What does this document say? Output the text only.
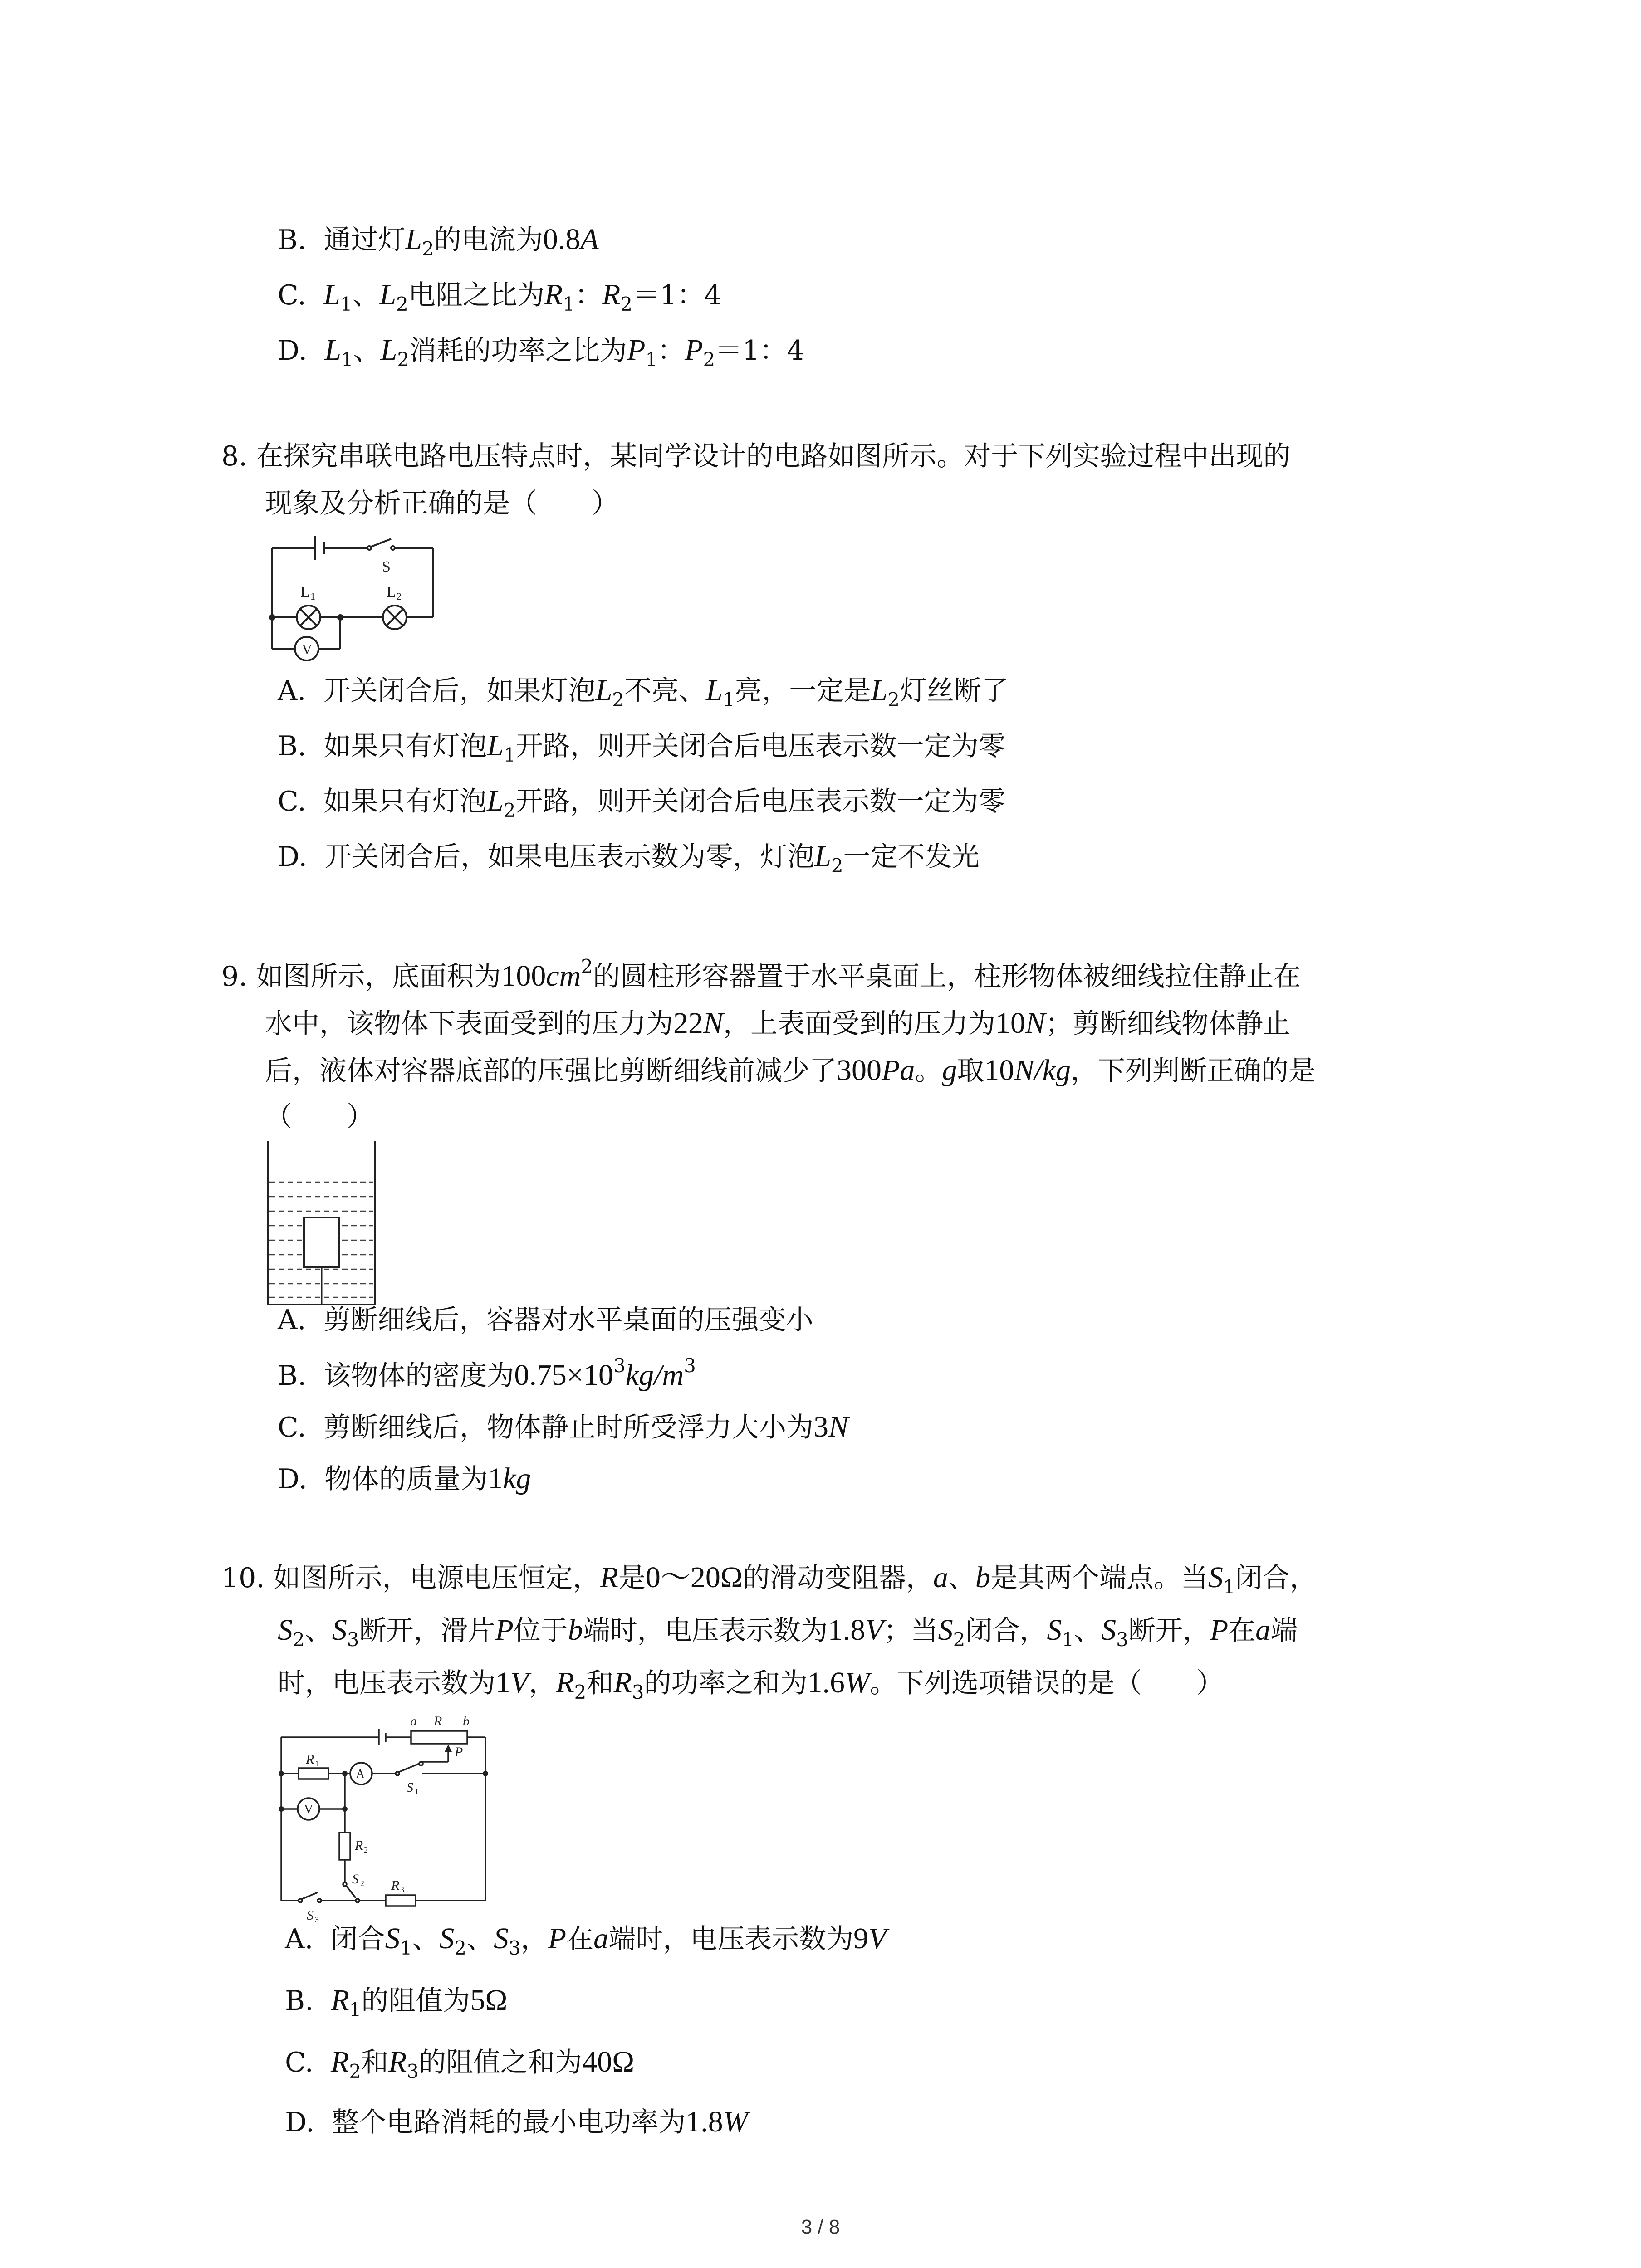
B. 通过灯$L_2$的电流为0.8A
C. $L_1$、$L_2$电阻之比为$R_1$：$R_2=1$：4
D. $L_1$、$L_2$消耗的功率之比为$P_1$：$P_2=1$：4
8. 在探究串联电路电压特点时，某同学设计的电路如图所示。对于下列实验过程中出现的
现象及分析正确的是（　　）
S
L 1	L 2
V
A. 开关闭合后，如果灯泡$L_2$不亮、$L_1$亮，一定是$L_2$灯丝断了
B. 如果只有灯泡$L_1$开路，则开关闭合后电压表示数一定为零
C. 如果只有灯泡$L_2$开路，则开关闭合后电压表示数一定为零
D. 开关闭合后，如果电压表示数为零，灯泡$L_2$一定不发光
9. 如图所示，底面积为$100cm^2$的圆柱形容器置于水平桌面上，柱形物体被细线拉住静止在
水中，该物体下表面受到的压力为22N，上表面受到的压力为10N；剪断细线物体静止
后，液体对容器底部的压强比剪断细线前减少了300Pa。g取10N/kg，下列判断正确的是
（　　）
A. 剪断细线后，容器对水平桌面的压强变小
B. 该物体的密度为$0.75\times 10^3kg/m^3$
C. 剪断细线后，物体静止时所受浮力大小为3N
D. 物体的质量为1kg
10. 如图所示，电源电压恒定，R是0～20Ω的滑动变阻器，a、b是其两个端点。当$S_1$闭合，
$S_2$、$S_3$断开，滑片P位于b端时，电压表示数为1.8V；当$S_2$闭合，$S_1$、$S_3$断开，P在a端
时，电压表示数为1V，$R_2$和$R_3$的功率之和为1.6W。下列选项错误的是（　　）
a R b
P
R 1
A
S 1
V
R 2
S 2 R 3
S 3
A. 闭合$S_1$、$S_2$、$S_3$，P在a端时，电压表示数为9V
B. $R_1$的阻值为5Ω
C. $R_2$和$R_3$的阻值之和为40Ω
D. 整个电路消耗的最小电功率为1.8W
3 / 8
